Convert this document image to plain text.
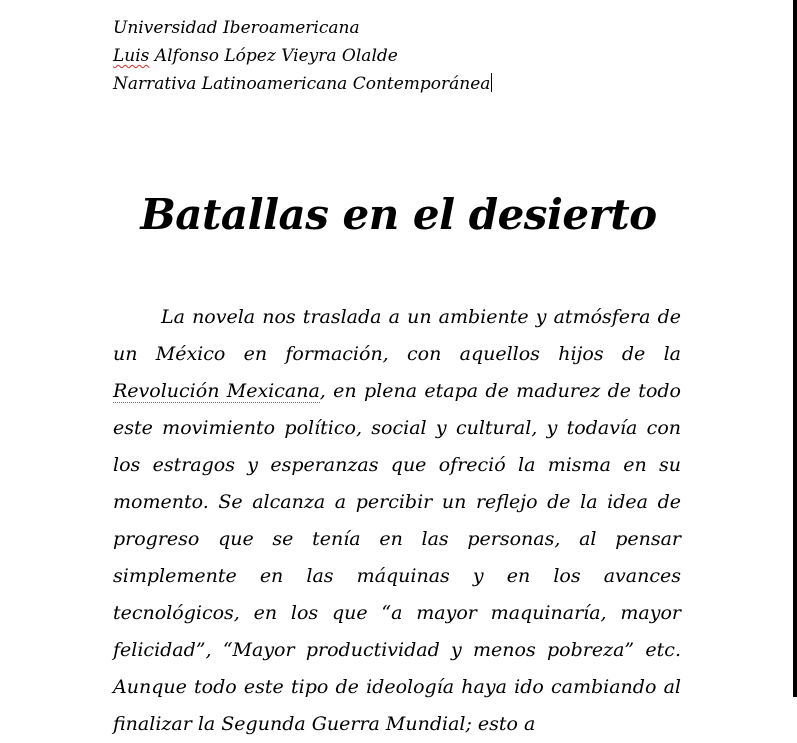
Universidad Iberoamericana
Luis Alfonso López Vieyra Olalde
Narrativa Latinoamericana Contemporánea
Batallas en el desierto

La novela nos traslada a un ambiente y atmósfera de un México en formación, con aquellos hijos de la Revolución Mexicana, en plena etapa de madurez de todo este movimiento político, social y cultural, y todavía con los estragos y esperanzas que ofreció la misma en su momento. Se alcanza a percibir un reflejo de la idea de progreso que se tenía en las personas, al pensar simplemente en las máquinas y en los avances tecnológicos, en los que “a mayor maquinaría, mayor felicidad”, “Mayor productividad y menos pobreza” etc. Aunque todo este tipo de ideología haya ido cambiando al finalizar la Segunda Guerra Mundial; esto a
